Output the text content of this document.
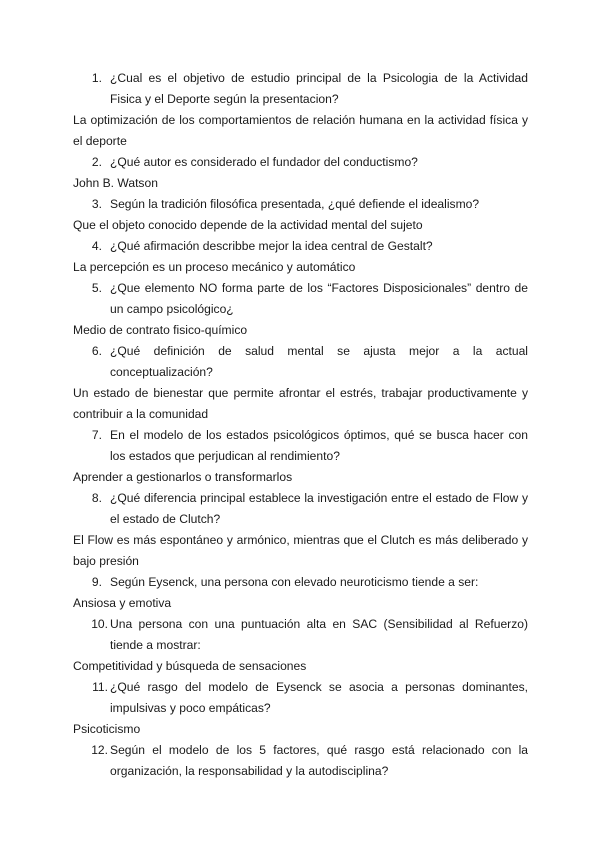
1. ¿Cual es el objetivo de estudio principal de la Psicologia de la Actividad Fisica y el Deporte según la presentacion?
La optimización de los comportamientos de relación humana en la actividad física y el deporte
2. ¿Qué autor es considerado el fundador del conductismo?
John B. Watson
3. Según la tradición filosófica presentada, ¿qué defiende el idealismo?
Que el objeto conocido depende de la actividad mental del sujeto
4. ¿Qué afirmación describbe mejor la idea central de Gestalt?
La percepción es un proceso mecánico y automático
5. ¿Que elemento NO forma parte de los “Factores Disposicionales” dentro de un campo psicológico¿
Medio de contrato fisico-químico
6. ¿Qué definición de salud mental se ajusta mejor a la actual conceptualización?
Un estado de bienestar que permite afrontar el estrés, trabajar productivamente y contribuir a la comunidad
7. En el modelo de los estados psicológicos óptimos, qué se busca hacer con los estados que perjudican al rendimiento?
Aprender a gestionarlos o transformarlos
8. ¿Qué diferencia principal establece la investigación entre el estado de Flow y el estado de Clutch?
El Flow es más espontáneo y armónico, mientras que el Clutch es más deliberado y bajo presión
9. Según Eysenck, una persona con elevado neuroticismo tiende a ser:
Ansiosa y emotiva
10. Una persona con una puntuación alta en SAC (Sensibilidad al Refuerzo) tiende a mostrar:
Competitividad y búsqueda de sensaciones
11. ¿Qué rasgo del modelo de Eysenck se asocia a personas dominantes, impulsivas y poco empáticas?
Psicoticismo
12. Según el modelo de los 5 factores, qué rasgo está relacionado con la organización, la responsabilidad y la autodisciplina?
